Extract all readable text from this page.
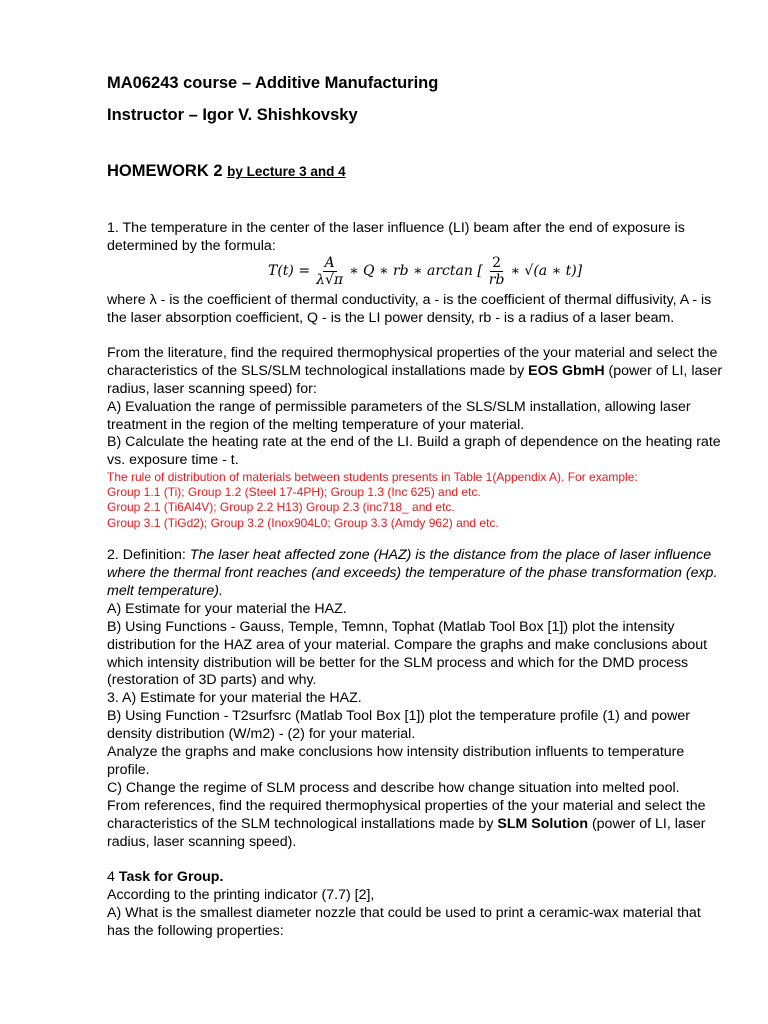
MA06243 course – Additive Manufacturing
Instructor – Igor V. Shishkovsky
HOMEWORK 2 by Lecture 3 and 4
1. The temperature in the center of the laser influence (LI) beam after the end of exposure is determined by the formula:
$T(t) = \frac{A}{\lambda√\pi}$ ∗ Q ∗ rb ∗ arctan [ $\frac{2}{rb}$ ∗ √(a ∗ t)]
where λ - is the coefficient of thermal conductivity, a - is the coefficient of thermal diffusivity, A - is the laser absorption coefficient, Q - is the LI power density, rb - is a radius of a laser beam.
From the literature, find the required thermophysical properties of the your material and select the characteristics of the SLS/SLM technological installations made by EOS GbmH (power of LI, laser radius, laser scanning speed) for:
A) Evaluation the range of permissible parameters of the SLS/SLM installation, allowing laser treatment in the region of the melting temperature of your material.
B) Calculate the heating rate at the end of the LI. Build a graph of dependence on the heating rate vs. exposure time - t.
The rule of distribution of materials between students presents in Table 1(Appendix A). For example:
Group 1.1 (Ti); Group 1.2 (Steel 17-4PH); Group 1.3 (Inc 625) and etc.
Group 2.1 (Ti6Al4V); Group 2.2 H13) Group 2.3 (inc718_ and etc.
Group 3.1 (TiGd2); Group 3.2 (Inox904L0; Group 3.3 (Amdy 962) and etc.
2. Definition: The laser heat affected zone (HAZ) is the distance from the place of laser influence where the thermal front reaches (and exceeds) the temperature of the phase transformation (exp. melt temperature).
A) Estimate for your material the HAZ.
B) Using Functions - Gauss, Temple, Temnn, Tophat (Matlab Tool Box [1]) plot the intensity distribution for the HAZ area of your material. Compare the graphs and make conclusions about which intensity distribution will be better for the SLM process and which for the DMD process (restoration of 3D parts) and why.
3. A) Estimate for your material the HAZ.
B) Using Function - T2surfsrc (Matlab Tool Box [1]) plot the temperature profile (1) and power density distribution (W/m2) - (2) for your material.
Analyze the graphs and make conclusions how intensity distribution influents to temperature profile.
C) Change the regime of SLM process and describe how change situation into melted pool.
From references, find the required thermophysical properties of the your material and select the characteristics of the SLM technological installations made by SLM Solution (power of LI, laser radius, laser scanning speed).
4 Task for Group.
According to the printing indicator (7.7) [2],
A) What is the smallest diameter nozzle that could be used to print a ceramic-wax material that has the following properties:
